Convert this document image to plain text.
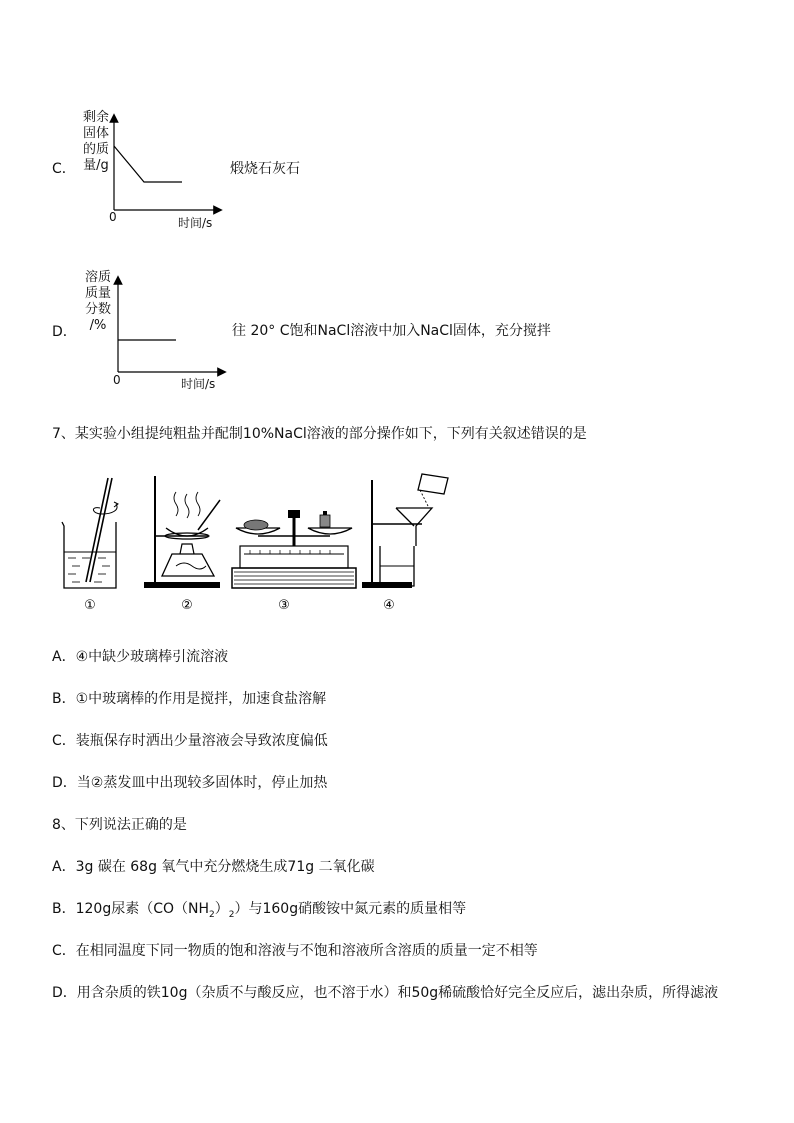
C．
剩余
固体
的质
量/g
0	时间/s
煅烧石灰石
D．
溶质
质量
分数
/%
0	时间/s
往 20° C饱和NaCl溶液中加入NaCl固体，充分搅拌
7、某实验小组提纯粗盐并配制10%NaCl溶液的部分操作如下，下列有关叙述错误的是
①	②	③	④
A．④中缺少玻璃棒引流溶液
B．①中玻璃棒的作用是搅拌，加速食盐溶解
C．装瓶保存时洒出少量溶液会导致浓度偏低
D．当②蒸发皿中出现较多固体时，停止加热
8、下列说法正确的是
A．3g 碳在 68g 氧气中充分燃烧生成71g 二氧化碳
B．120g尿素$(CO(NH_2)_2)$与160g硝酸铵中氮元素的质量相等
C．在相同温度下同一物质的饱和溶液与不饱和溶液所含溶质的质量一定不相等
D．用含杂质的铁10g（杂质不与酸反应，也不溶于水）和50g稀硫酸恰好完全反应后，滤出杂质，所得滤液
